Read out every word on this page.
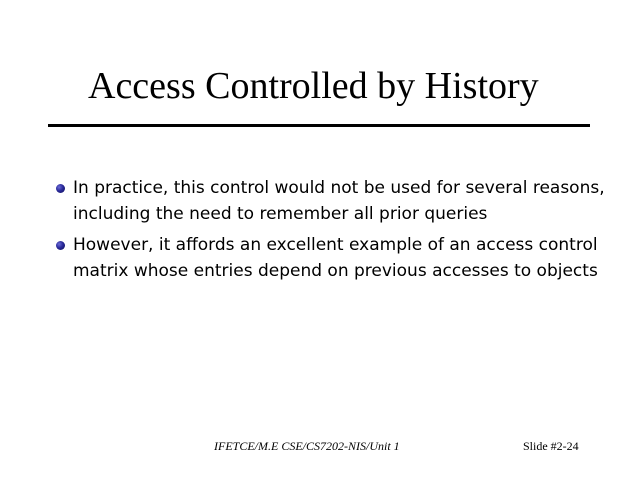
Access Controlled by History
In practice, this control would not be used for several reasons,
including the need to remember all prior queries
However, it affords an excellent example of an access control
matrix whose entries depend on previous accesses to objects
IFETCE/M.E CSE/CS7202-NIS/Unit 1	Slide #2-24
